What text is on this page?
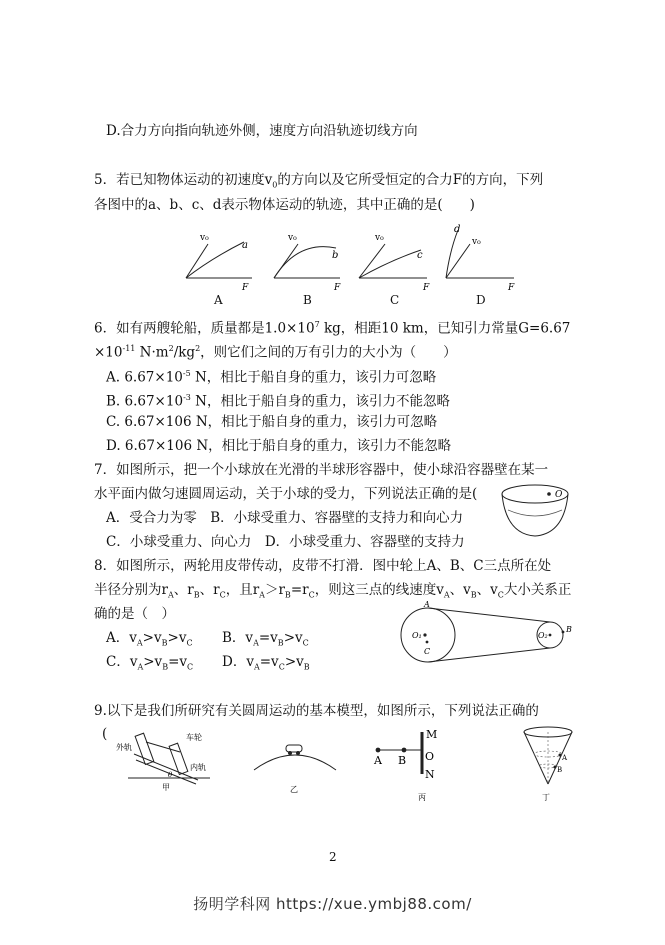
D.合力方向指向轨迹外侧，速度方向沿轨迹切线方向
5．若已知物体运动的初速度$v_0$的方向以及它所受恒定的合力F的方向，下列
各图中的a、b、c、d表示物体运动的轨迹，其中正确的是(　　)
v₀
a
F
v₀
b
F
v₀
c
F
d
v₀
F
A	B	C	D
6．如有两艘轮船，质量都是$1.0\times 10^7$ kg，相距10 km，已知引力常量G=6.67
$\times 10^{-11}$ $N\cdot m^2/kg^2$，则它们之间的万有引力的大小为（　　）
A. $6.67\times 10^{-5}$ N，相比于船自身的重力，该引力可忽略
B. $6.67\times 10^{-3}$ N，相比于船自身的重力，该引力不能忽略
C. 6.67×106 N，相比于船自身的重力，该引力可忽略
D. 6.67×106 N，相比于船自身的重力，该引力不能忽略
7．如图所示，把一个小球放在光滑的半球形容器中，使小球沿容器壁在某一
水平面内做匀速圆周运动，关于小球的受力，下列说法正确的是(
A．受合力为零　B．小球受重力、容器壁的支持力和向心力
C．小球受重力、向心力　D．小球受重力、容器壁的支持力
O
8．如图所示，两轮用皮带传动，皮带不打滑．图中轮上A、B、C三点所在处
半径分别为$r_A$、$r_B$、$r_C$，且$r_A>r_B=r_C$，则这三点的线速度$v_A$、$v_B$、$v_C$大小关系正
确的是（　）
A．$v_A>v_B>v_C$ B．$v_A=v_B>v_C$
C．$v_A>v_B=v_C$ D．$v_A=v_C>v_B$
A
O₁
C
O₂
B
9.以下是我们所研究有关圆周运动的基本模型，如图所示，下列说法正确的
(
外轨
车轮
内轨
θ
甲	乙
A B
M
O
N
丙
A
B
丁
2
扬明学科网 https://xue.ymbj88.com/
